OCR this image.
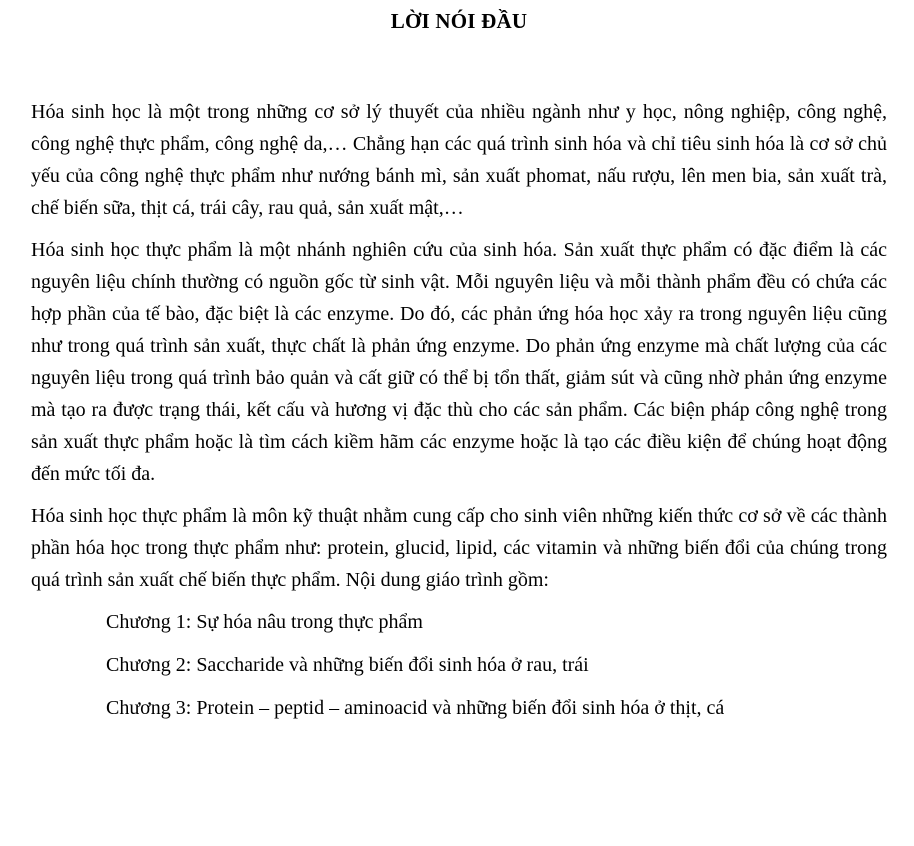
LỜI NÓI ĐẦU

Hóa sinh học là một trong những cơ sở lý thuyết của nhiều ngành như y học, nông nghiệp, công nghệ, công nghệ thực phẩm, công nghệ da,… Chẳng hạn các quá trình sinh hóa và chỉ tiêu sinh hóa là cơ sở chủ yếu của công nghệ thực phẩm như nướng bánh mì, sản xuất phomat, nấu rượu, lên men bia, sản xuất trà, chế biến sữa, thịt cá, trái cây, rau quả, sản xuất mật,…

Hóa sinh học thực phẩm là một nhánh nghiên cứu của sinh hóa. Sản xuất thực phẩm có đặc điểm là các nguyên liệu chính thường có nguồn gốc từ sinh vật. Mỗi nguyên liệu và mỗi thành phẩm đều có chứa các hợp phần của tế bào, đặc biệt là các enzyme. Do đó, các phản ứng hóa học xảy ra trong nguyên liệu cũng như trong quá trình sản xuất, thực chất là phản ứng enzyme. Do phản ứng enzyme mà chất lượng của các nguyên liệu trong quá trình bảo quản và cất giữ có thể bị tổn thất, giảm sút và cũng nhờ phản ứng enzyme mà tạo ra được trạng thái, kết cấu và hương vị đặc thù cho các sản phẩm. Các biện pháp công nghệ trong sản xuất thực phẩm hoặc là tìm cách kiềm hãm các enzyme hoặc là tạo các điều kiện để chúng hoạt động đến mức tối đa.

Hóa sinh học thực phẩm là môn kỹ thuật nhằm cung cấp cho sinh viên những kiến thức cơ sở về các thành phần hóa học trong thực phẩm như: protein, glucid, lipid, các vitamin và những biến đổi của chúng trong quá trình sản xuất chế biến thực phẩm. Nội dung giáo trình gồm:

Chương 1: Sự hóa nâu trong thực phẩm
Chương 2: Saccharide và những biến đổi sinh hóa ở rau, trái
Chương 3: Protein – peptid – aminoacid và những biến đổi sinh hóa ở thịt, cá
